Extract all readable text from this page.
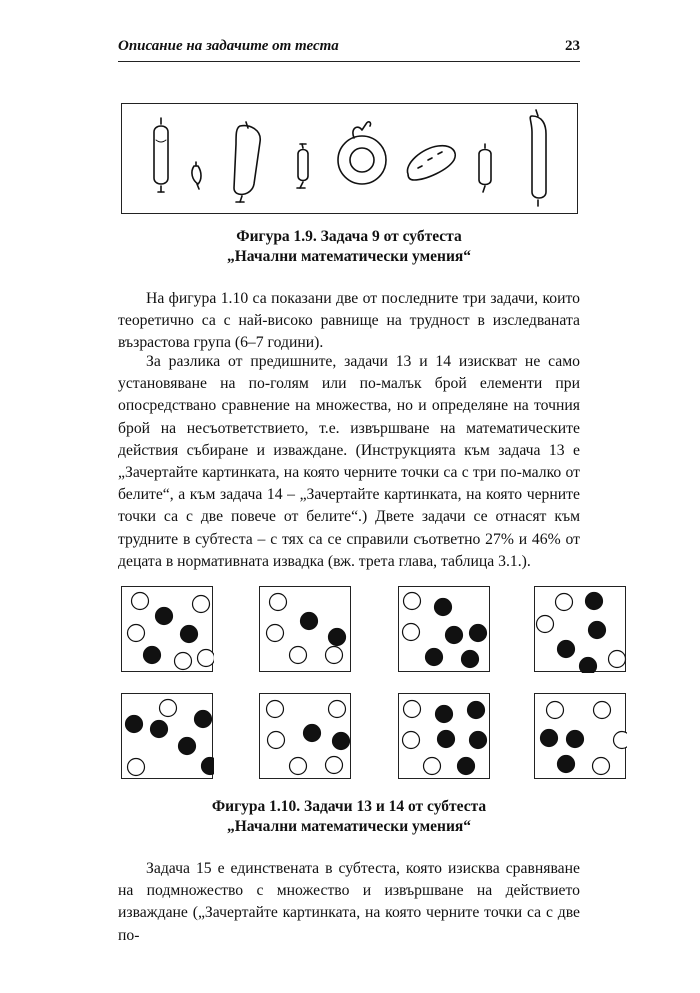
Описание на задачите от теста	23
Фигура 1.9. Задача 9 от субтеста
„Начални математически умения“

На фигура 1.10 са показани две от последните три задачи, които теоретично са с най-високо равнище на трудност в изследваната възрастова група (6–7 години).

За разлика от предишните, задачи 13 и 14 изискват не само установяване на по-голям или по-малък брой елементи при опосредствано сравнение на множества, но и определяне на точния брой на несъответствието, т.е. извършване на математическите действия събиране и изваждане. (Инструкцията към задача 13 е „Зачертайте картинката, на която черните точки са с три по-малко от белите“, а към задача 14 – „Зачертайте картинката, на която черните точки са с две повече от белите“.) Двете задачи се отнасят към трудните в субтеста – с тях са се справили съответно 27% и 46% от децата в нормативната извадка (вж. трета глава, таблица 3.1.).

Фигура 1.10. Задачи 13 и 14 от субтеста
„Начални математически умения“

Задача 15 е единствената в субтеста, която изисква сравняване на подмножество с множество и извършване на действието изваждане („Зачертайте картинката, на която черните точки са с две по-
